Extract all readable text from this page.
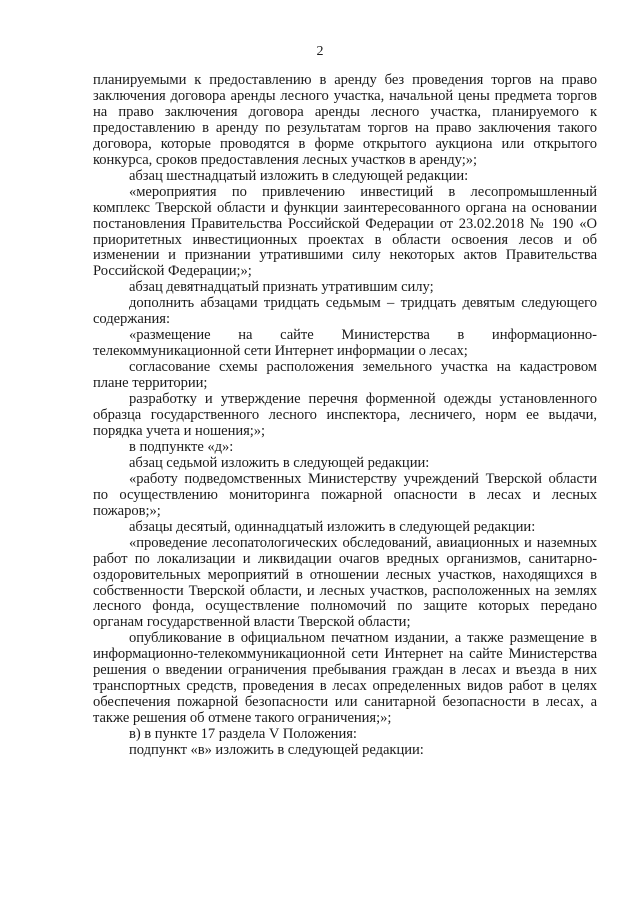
2

планируемыми к предоставлению в аренду без проведения торгов на право заключения договора аренды лесного участка, начальной цены предмета торгов на право заключения договора аренды лесного участка, планируемого к предоставлению в аренду по результатам торгов на право заключения такого договора, которые проводятся в форме открытого аукциона или открытого конкурса, сроков предоставления лесных участков в аренду;»;

абзац шестнадцатый изложить в следующей редакции:

«мероприятия по привлечению инвестиций в лесопромышленный комплекс Тверской области и функции заинтересованного органа на основании постановления Правительства Российской Федерации от 23.02.2018 № 190 «О приоритетных инвестиционных проектах в области освоения лесов и об изменении и признании утратившими силу некоторых актов Правительства Российской Федерации;»;

абзац девятнадцатый признать утратившим силу;

дополнить абзацами тридцать седьмым – тридцать девятым следующего содержания:

«размещение на сайте Министерства в информационно-телекоммуникационной сети Интернет информации о лесах;

согласование схемы расположения земельного участка на кадастровом плане территории;

разработку и утверждение перечня форменной одежды установленного образца государственного лесного инспектора, лесничего, норм ее выдачи, порядка учета и ношения;»;

в подпункте «д»:

абзац седьмой изложить в следующей редакции:

«работу подведомственных Министерству учреждений Тверской области по осуществлению мониторинга пожарной опасности в лесах и лесных пожаров;»;

абзацы десятый, одиннадцатый изложить в следующей редакции:

«проведение лесопатологических обследований, авиационных и наземных работ по локализации и ликвидации очагов вредных организмов, санитарно-оздоровительных мероприятий в отношении лесных участков, находящихся в собственности Тверской области, и лесных участков, расположенных на землях лесного фонда, осуществление полномочий по защите которых передано органам государственной власти Тверской области;

опубликование в официальном печатном издании, а также размещение в информационно-телекоммуникационной сети Интернет на сайте Министерства решения о введении ограничения пребывания граждан в лесах и въезда в них транспортных средств, проведения в лесах определенных видов работ в целях обеспечения пожарной безопасности или санитарной безопасности в лесах, а также решения об отмене такого ограничения;»;

в) в пункте 17 раздела V Положения:

подпункт «в» изложить в следующей редакции:
